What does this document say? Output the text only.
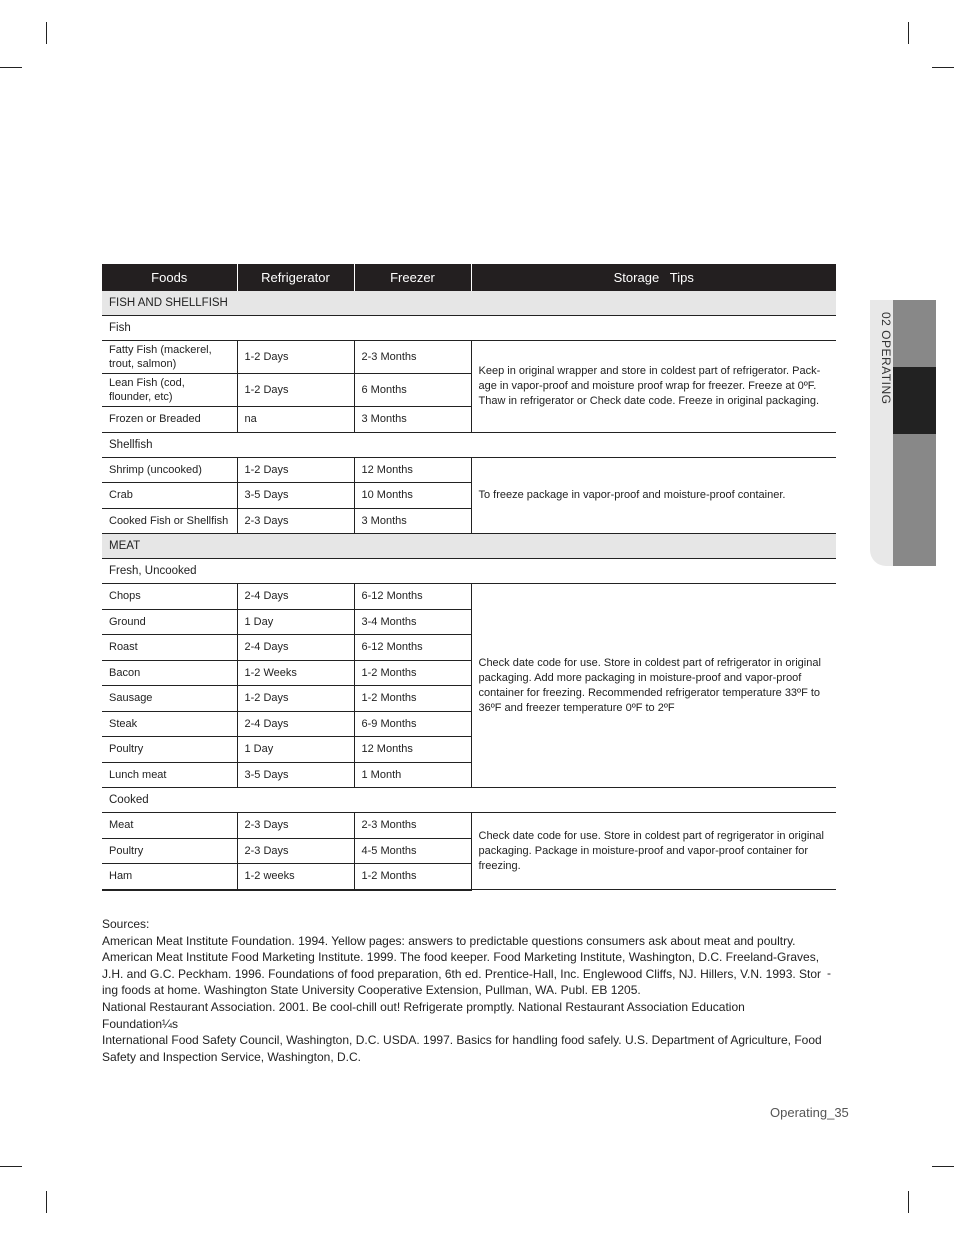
02 OPERATING
Foods	Refrigerator	Freezer	Storage   Tips
FISH AND SHELLFISH			
Fish			
Fatty Fish (mackerel, trout, salmon)	1-2 Days	2-3 Months	Keep in original wrapper and store in coldest part of refrigerator. Pack-age in vapor-proof and moisture proof wrap for freezer. Freeze at 0ºF. Thaw in refrigerator or Check date code. Freeze in original packaging.
Lean Fish (cod, flounder, etc)	1-2 Days	6 Months	
Frozen or Breaded	na	3 Months	
Shellfish			
Shrimp (uncooked)	1-2 Days	12 Months	To freeze package in vapor-proof and moisture-proof container.
Crab	3-5 Days	10 Months	
Cooked Fish or Shellfish	2-3 Days	3 Months	
MEAT			
Fresh, Uncooked			
Chops	2-4 Days	6-12 Months	Check date code for use. Store in coldest part of refrigerator in original packaging. Add more packaging in moisture-proof and vapor-proof container for freezing. Recommended refrigerator temperature 33ºF to 36ºF and freezer temperature 0ºF to 2ºF
Ground	1 Day	3-4 Months	
Roast	2-4 Days	6-12 Months	
Bacon	1-2 Weeks	1-2 Months	
Sausage	1-2 Days	1-2 Months	
Steak	2-4 Days	6-9 Months	
Poultry	1 Day	12 Months	
Lunch meat	3-5 Days	1 Month	
Cooked			
Meat	2-3 Days	2-3 Months	Check date code for use. Store in coldest part of regrigerator in original packaging. Package in moisture-proof and vapor-proof container for freezing.
Poultry	2-3 Days	4-5 Months	
Ham	1-2 weeks	1-2 Months	

Sources:

American Meat Institute Foundation. 1994. Yellow pages: answers to predictable questions consumers ask about meat and poultry.

American Meat Institute Food Marketing Institute. 1999. The food keeper. Food Marketing Institute, Washington, D.C. Freeland-Graves,

J.H. and G.C. Peckham. 1996. Foundations of food preparation, 6th ed. Prentice-Hall, Inc. Englewood Cliffs, NJ. Hillers, V.N. 1993. Stor

ing foods at home. Washington State University Cooperative Extension, Pullman, WA. Publ. EB 1205.

National Restaurant Association. 2001. Be cool-chill out! Refrigerate promptly. National Restaurant Association Education Foundation¼s

International Food Safety Council, Washington, D.C. USDA. 1997. Basics for handling food safely. U.S. Department of Agriculture, Food

Safety and Inspection Service, Washington, D.C.

-
Operating_35
